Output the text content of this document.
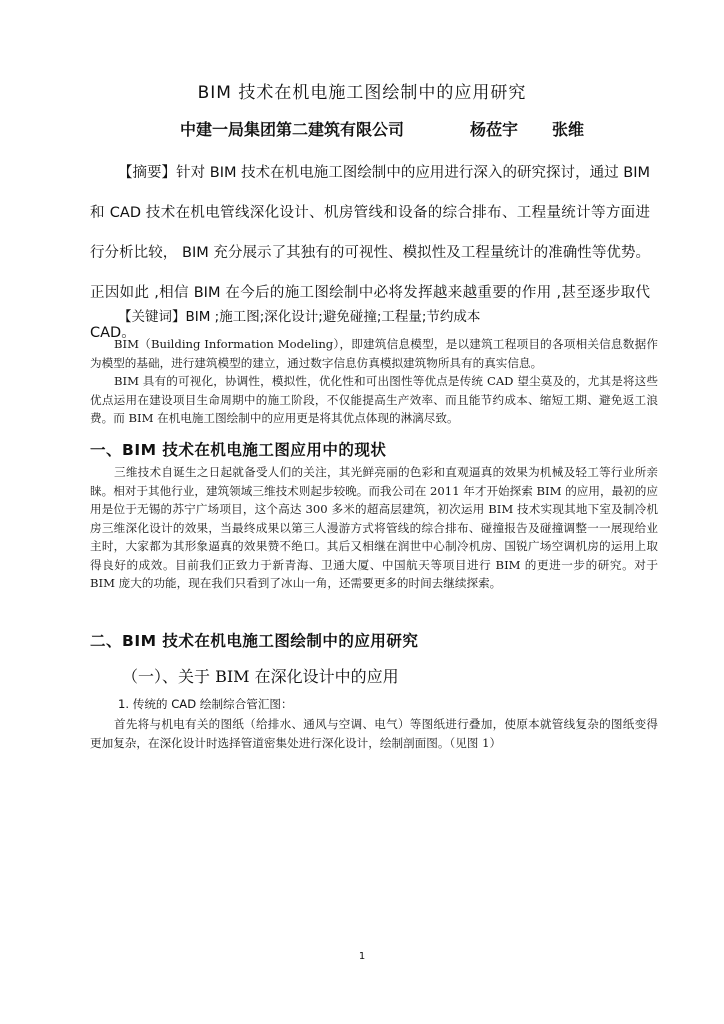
BIM 技术在机电施工图绘制中的应用研究
中建一局集团第二建筑有限公司	杨莅宇 张维

【摘要】针对 BIM 技术在机电施工图绘制中的应用进行深入的研究探讨，通过 BIM 和 CAD 技术在机电管线深化设计、机房管线和设备的综合排布、工程量统计等方面进行分析比较， BIM 充分展示了其独有的可视性、模拟性及工程量统计的准确性等优势。正因如此 ,相信 BIM 在今后的施工图绘制中必将发挥越来越重要的作用 ,甚至逐步取代 CAD。

【关键词】BIM ;施工图;深化设计;避免碰撞;工程量;节约成本

BIM（Building Information Modeling），即建筑信息模型，是以建筑工程项目的各项相关信息数据作为模型的基础，进行建筑模型的建立，通过数字信息仿真模拟建筑物所具有的真实信息。

BIM 具有的可视化，协调性，模拟性，优化性和可出图性等优点是传统 CAD 望尘莫及的，尤其是将这些优点运用在建设项目生命周期中的施工阶段，不仅能提高生产效率、而且能节约成本、缩短工期、避免返工浪费。而 BIM 在机电施工图绘制中的应用更是将其优点体现的淋漓尽致。

一、BIM 技术在机电施工图应用中的现状

三维技术自诞生之日起就备受人们的关注，其光鲜亮丽的色彩和直观逼真的效果为机械及轻工等行业所亲睐。相对于其他行业，建筑领域三维技术则起步较晚。而我公司在 2011 年才开始探索 BIM 的应用，最初的应用是位于无锡的苏宁广场项目，这个高达 300 多米的超高层建筑，初次运用 BIM 技术实现其地下室及制冷机房三维深化设计的效果，当最终成果以第三人漫游方式将管线的综合排布、碰撞报告及碰撞调整一一展现给业主时，大家都为其形象逼真的效果赞不绝口。其后又相继在润世中心制冷机房、国锐广场空调机房的运用上取得良好的成效。目前我们正致力于新青海、卫通大厦、中国航天等项目进行 BIM 的更进一步的研究。对于 BIM 庞大的功能，现在我们只看到了冰山一角，还需要更多的时间去继续探索。

二、BIM 技术在机电施工图绘制中的应用研究
（一）、关于 BIM 在深化设计中的应用
1. 传统的 CAD 绘制综合管汇图：

首先将与机电有关的图纸（给排水、通风与空调、电气）等图纸进行叠加，使原本就管线复杂的图纸变得更加复杂，在深化设计时选择管道密集处进行深化设计，绘制剖面图。（见图 1）

1
